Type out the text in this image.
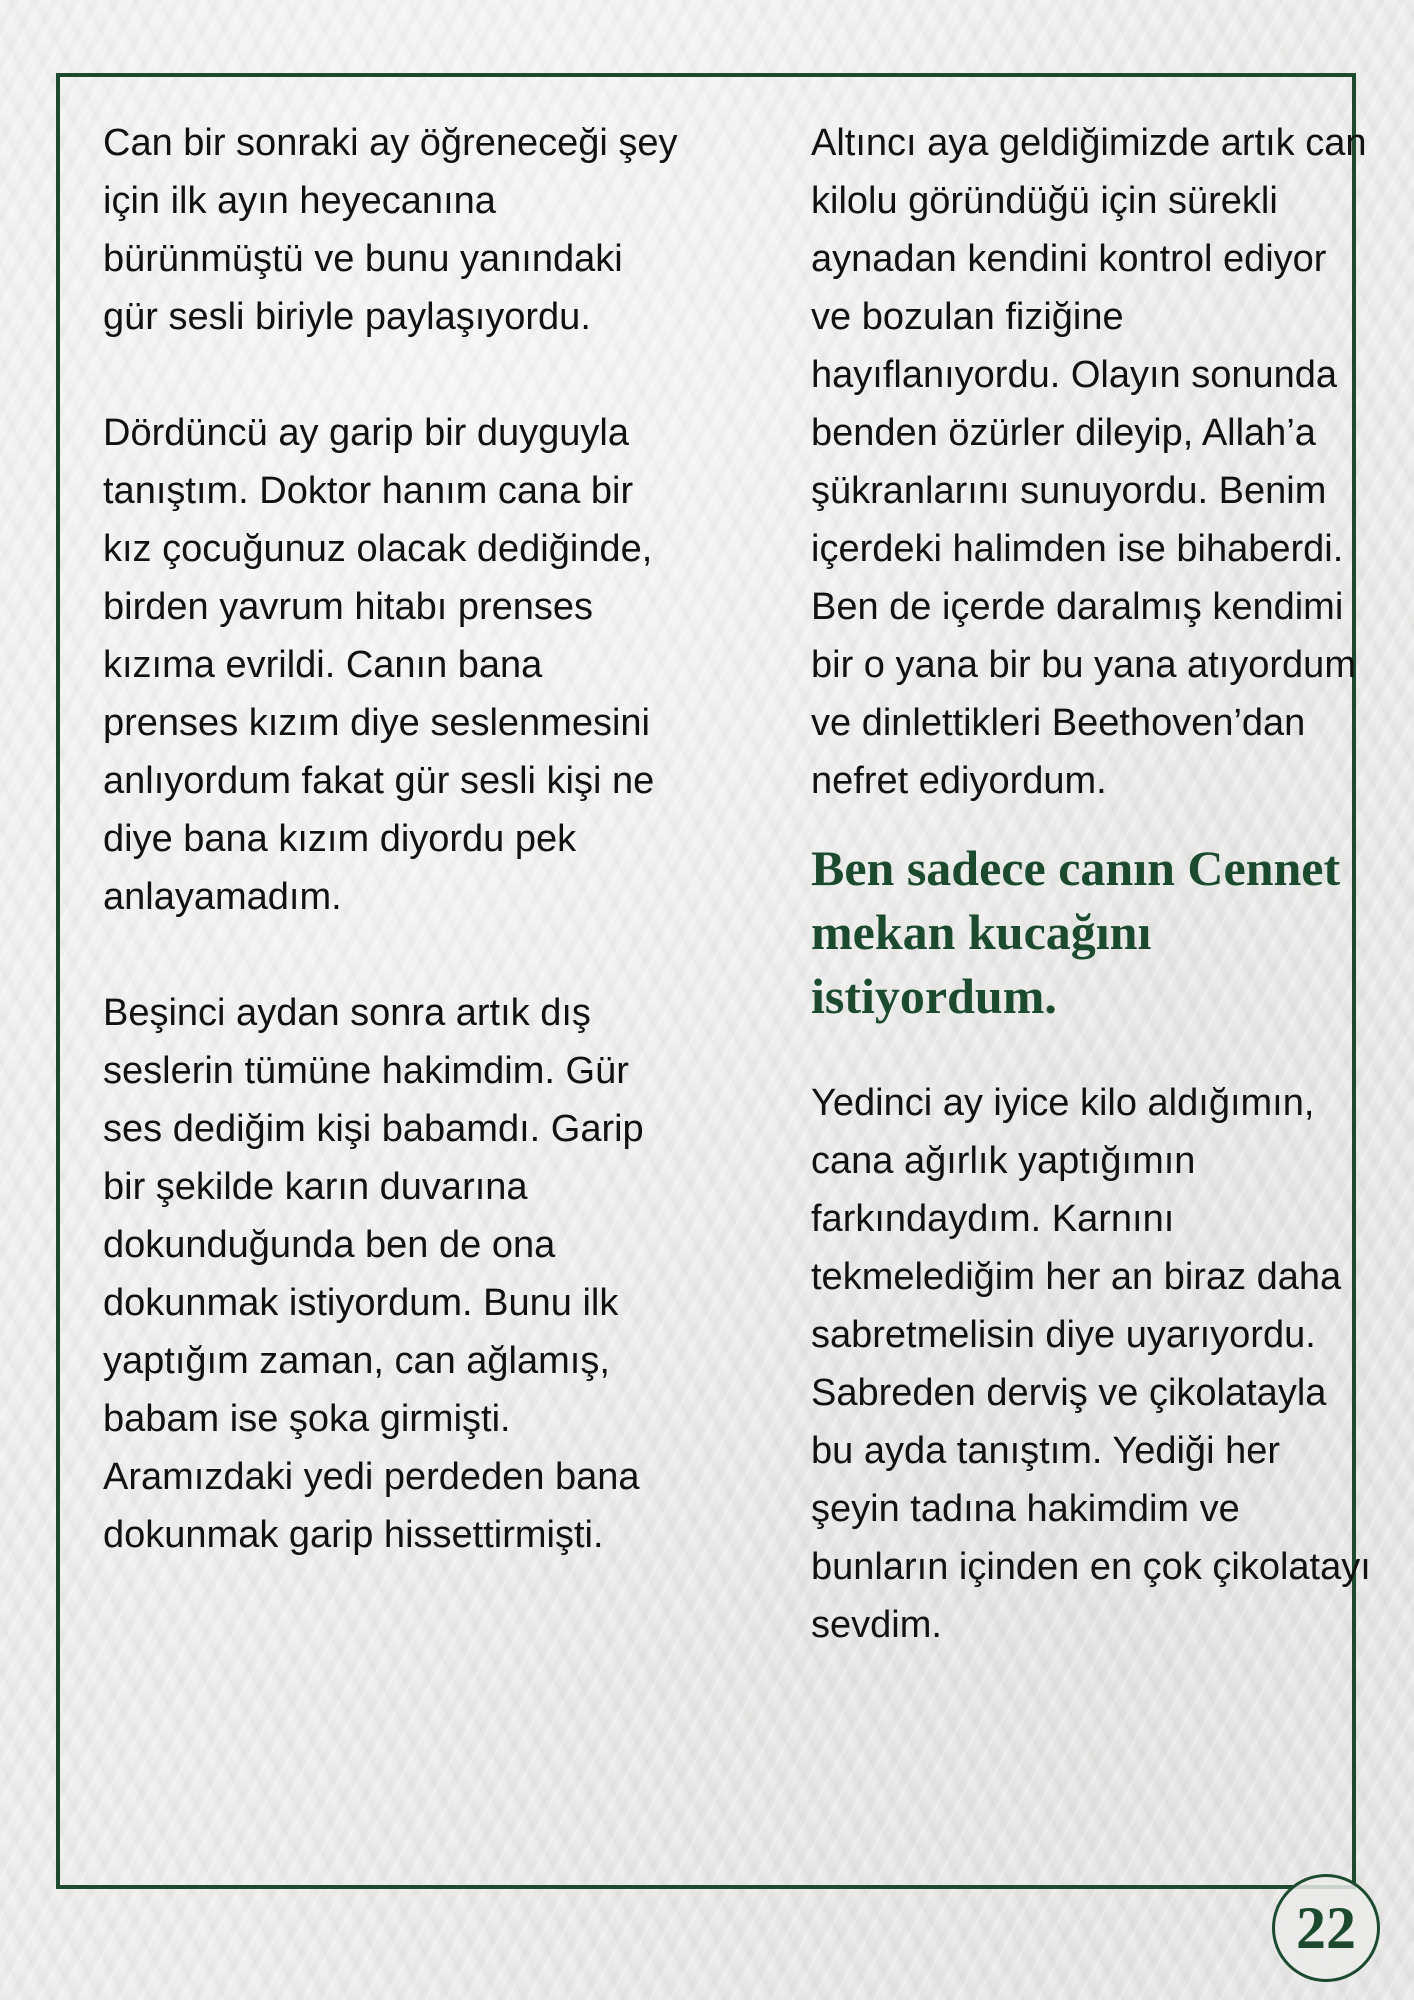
Can bir sonraki ay öğreneceği şey için ilk ayın heyecanına bürünmüştü ve bunu yanındaki gür sesli biriyle paylaşıyordu.

Dördüncü ay garip bir duyguyla tanıştım. Doktor hanım cana bir kız çocuğunuz olacak dediğinde, birden yavrum hitabı prenses kızıma evrildi. Canın bana prenses kızım diye seslenmesini anlıyordum fakat gür sesli kişi ne diye bana kızım diyordu pek anlayamadım.

Beşinci aydan sonra artık dış seslerin tümüne hakimdim. Gür ses dediğim kişi babamdı. Garip bir şekilde karın duvarına dokunduğunda ben de ona dokunmak istiyordum. Bunu ilk yaptığım zaman, can ağlamış, babam ise şoka girmişti. Aramızdaki yedi perdeden bana dokunmak garip hissettirmişti.

Altıncı aya geldiğimizde artık can kilolu göründüğü için sürekli aynadan kendini kontrol ediyor ve bozulan fiziğine hayıflanıyordu. Olayın sonunda benden özürler dileyip, Allah’a şükranlarını sunuyordu. Benim içerdeki halimden ise bihaberdi. Ben de içerde daralmış kendimi bir o yana bir bu yana atıyordum ve dinlettikleri Beethoven’dan nefret ediyordum.

Ben sadece canın Cennet mekan kucağını istiyordum.

Yedinci ay iyice kilo aldığımın, cana ağırlık yaptığımın farkındaydım. Karnını tekmelediğim her an biraz daha sabretmelisin diye uyarıyordu. Sabreden derviş ve çikolatayla bu ayda tanıştım. Yediği her şeyin tadına hakimdim ve bunların içinden en çok çikolatayı sevdim.

22
